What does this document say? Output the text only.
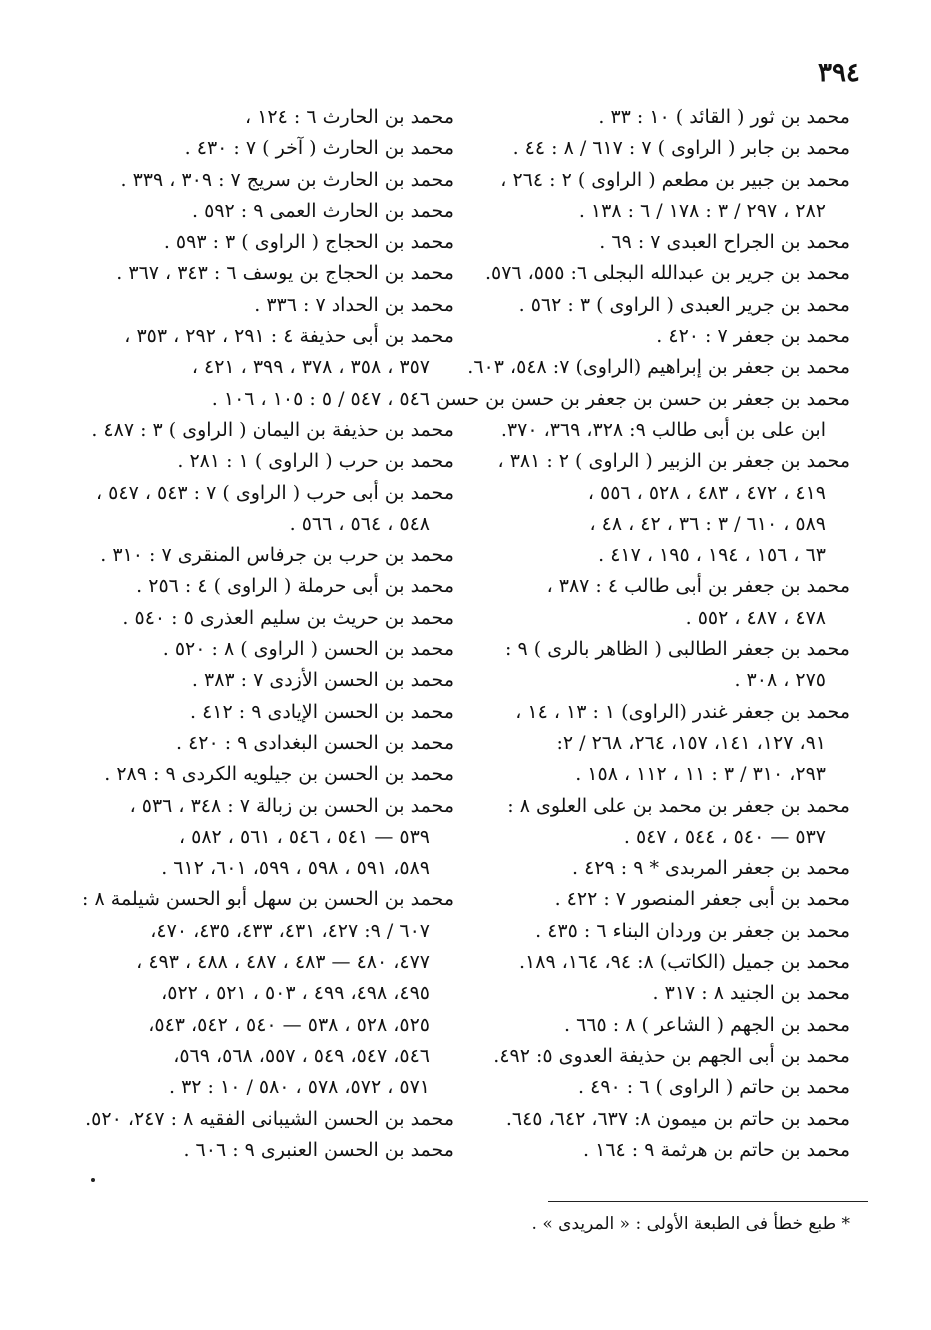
٣٩٤
محمد بن ثور ( القائد ) ١٠ : ٣٣ .
محمد بن جابر ( الراوى ) ٧ : ٦١٧ / ٨ : ٤٤ .
محمد بن جبير بن مطعم ( الراوى ) ٢ : ٢٦٤ ،
٢٨٢ ، ٢٩٧ / ٣ : ١٧٨ / ٦ : ١٣٨ .
محمد بن الجراح العبدى ٧ : ٦٩ .
محمد بن جرير بن عبدالله البجلى ٦: ٥٥٥، ٥٧٦.
محمد بن جرير العبدى ( الراوى ) ٣ : ٥٦٢ .
محمد بن جعفر ٧ : ٤٢٠ .
محمد بن جعفر بن إبراهيم (الراوى) ٧: ٥٤٨، ٦٠٣.
محمد بن جعفر بن حسن بن جعفر بن حسن بن حسن
ابن على بن أبى طالب ٩: ٣٢٨، ٣٦٩، ٣٧٠.
محمد بن جعفر بن الزبير ( الراوى ) ٢ : ٣٨١ ،
٤١٩ ، ٤٧٢ ، ٤٨٣ ، ٥٢٨ ، ٥٥٦ ،
٥٨٩ ، ٦١٠ / ٣ : ٣٦ ، ٤٢ ، ٤٨ ،
٦٣ ، ١٥٦ ، ١٩٤ ، ١٩٥ ، ٤١٧ .
محمد بن جعفر بن أبى طالب ٤ : ٣٨٧ ،
٤٧٨ ، ٤٨٧ ، ٥٥٢ .
محمد بن جعفر الطالبى ( الظاهر بالرى ) ٩ :
٢٧٥ ، ٣٠٨ .
محمد بن جعفر غندر (الراوى) ١ : ١٣ ، ١٤ ،
٩١، ١٢٧، ١٤١، ١٥٧، ٢٦٤، ٢٦٨ / ٢:
٢٩٣، ٣١٠ / ٣ : ١١ ، ١١٢ ، ١٥٨ .
محمد بن جعفر بن محمد بن على العلوى ٨ :
٥٣٧ — ٥٤٠ ، ٥٤٤ ، ٥٤٧ .
محمد بن جعفر المربدى * ٩ : ٤٢٩ .
محمد بن أبى جعفر المنصور ٧ : ٤٢٢ .
محمد بن جعفر بن وردان البناء ٦ : ٤٣٥ .
محمد بن جميل (الكاتب) ٨: ٩٤، ١٦٤، ١٨٩.
محمد بن الجنيد ٨ : ٣١٧ .
محمد بن الجهم ( الشاعر ) ٨ : ٦٦٥ .
محمد بن أبى الجهم بن حذيفة العدوى ٥: ٤٩٢.
محمد بن حاتم ( الراوى ) ٦ : ٤٩٠ .
محمد بن حاتم بن ميمون ٨: ٦٣٧، ٦٤٢، ٦٤٥.
محمد بن حاتم بن هرثمة ٩ : ١٦٤ .
محمد بن الحارث ٦ : ١٢٤ ،
محمد بن الحارث ( آخر ) ٧ : ٤٣٠ .
محمد بن الحارث بن سريج ٧ : ٣٠٩ ، ٣٣٩ .
محمد بن الحارث العمى ٩ : ٥٩٢ .
محمد بن الحجاج ( الراوى ) ٣ : ٥٩٣ .
محمد بن الحجاج بن يوسف ٦ : ٣٤٣ ، ٣٦٧ .
محمد بن الحداد ٧ : ٣٣٦ .
محمد بن أبى حذيفة ٤ : ٢٩١ ، ٢٩٢ ، ٣٥٣ ،
٣٥٧ ، ٣٥٨ ، ٣٧٨ ، ٣٩٩ ، ٤٢١ ،
٥٤٦ ، ٥٤٧ / ٥ : ١٠٥ ، ١٠٦ .
محمد بن حذيفة بن اليمان ( الراوى ) ٣ : ٤٨٧ .
محمد بن حرب ( الراوى ) ١ : ٢٨١ .
محمد بن أبى حرب ( الراوى ) ٧ : ٥٤٣ ، ٥٤٧ ،
٥٤٨ ، ٥٦٤ ، ٥٦٦ .
محمد بن حرب بن جرفاس المنقرى ٧ : ٣١٠ .
محمد بن أبى حرملة ( الراوى ) ٤ : ٢٥٦ .
محمد بن حريث بن سليم العذرى ٥ : ٥٤٠ .
محمد بن الحسن ( الراوى ) ٨ : ٥٢٠ .
محمد بن الحسن الأزدى ٧ : ٣٨٣ .
محمد بن الحسن الإيادى ٩ : ٤١٢ .
محمد بن الحسن البغدادى ٩ : ٤٢٠ .
محمد بن الحسن بن جيلويه الكردى ٩ : ٢٨٩ .
محمد بن الحسن بن زبالة ٧ : ٣٤٨ ، ٥٣٦ ،
٥٣٩ — ٥٤١ ، ٥٤٦ ، ٥٦١ ، ٥٨٢ ،
٥٨٩، ٥٩١ ، ٥٩٨ ، ٥٩٩، ٦٠١، ٦١٢ .
محمد بن الحسن بن سهل أبو الحسن شيلمة ٨ :
٦٠٧ / ٩: ٤٢٧، ٤٣١، ٤٣٣، ٤٣٥، ٤٧٠،
٤٧٧، ٤٨٠ — ٤٨٣ ، ٤٨٧ ، ٤٨٨ ، ٤٩٣ ،
٤٩٥، ٤٩٨، ٤٩٩ ، ٥٠٣ ، ٥٢١ ، ٥٢٢،
٥٢٥، ٥٢٨ ، ٥٣٨ — ٥٤٠ ، ٥٤٢، ٥٤٣،
٥٤٦، ٥٤٧، ٥٤٩ ، ٥٥٧، ٥٦٨، ٥٦٩،
٥٧١ ، ٥٧٢، ٥٧٨ ، ٥٨٠ / ١٠ : ٣٢ .
محمد بن الحسن الشيبانى الفقيه ٨ : ٢٤٧، ٥٢٠.
محمد بن الحسن العنبرى ٩ : ٦٠٦ .
* طبع خطأ فى الطبعة الأولى : « المريدى » .
